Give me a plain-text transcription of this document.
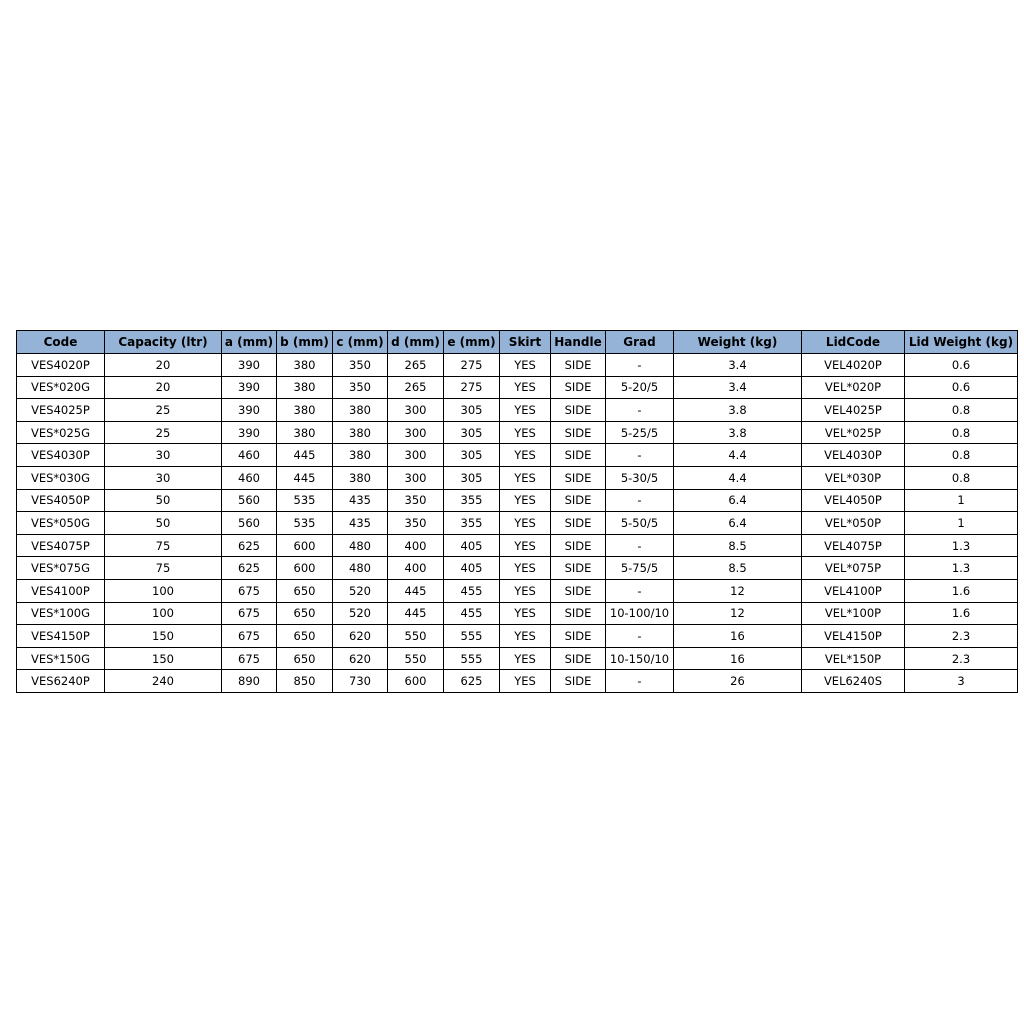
Code	Capacity (ltr)	a (mm)	b (mm)	c (mm)	d (mm)	e (mm)	Skirt	Handle	Grad	Weight (kg)	LidCode	Lid Weight (kg)
VES4020P	20	390	380	350	265	275	YES	SIDE	-	3.4	VEL4020P	0.6
VES*020G	20	390	380	350	265	275	YES	SIDE	5-20/5	3.4	VEL*020P	0.6
VES4025P	25	390	380	380	300	305	YES	SIDE	-	3.8	VEL4025P	0.8
VES*025G	25	390	380	380	300	305	YES	SIDE	5-25/5	3.8	VEL*025P	0.8
VES4030P	30	460	445	380	300	305	YES	SIDE	-	4.4	VEL4030P	0.8
VES*030G	30	460	445	380	300	305	YES	SIDE	5-30/5	4.4	VEL*030P	0.8
VES4050P	50	560	535	435	350	355	YES	SIDE	-	6.4	VEL4050P	1
VES*050G	50	560	535	435	350	355	YES	SIDE	5-50/5	6.4	VEL*050P	1
VES4075P	75	625	600	480	400	405	YES	SIDE	-	8.5	VEL4075P	1.3
VES*075G	75	625	600	480	400	405	YES	SIDE	5-75/5	8.5	VEL*075P	1.3
VES4100P	100	675	650	520	445	455	YES	SIDE	-	12	VEL4100P	1.6
VES*100G	100	675	650	520	445	455	YES	SIDE	10-100/10	12	VEL*100P	1.6
VES4150P	150	675	650	620	550	555	YES	SIDE	-	16	VEL4150P	2.3
VES*150G	150	675	650	620	550	555	YES	SIDE	10-150/10	16	VEL*150P	2.3
VES6240P	240	890	850	730	600	625	YES	SIDE	-	26	VEL6240S	3
